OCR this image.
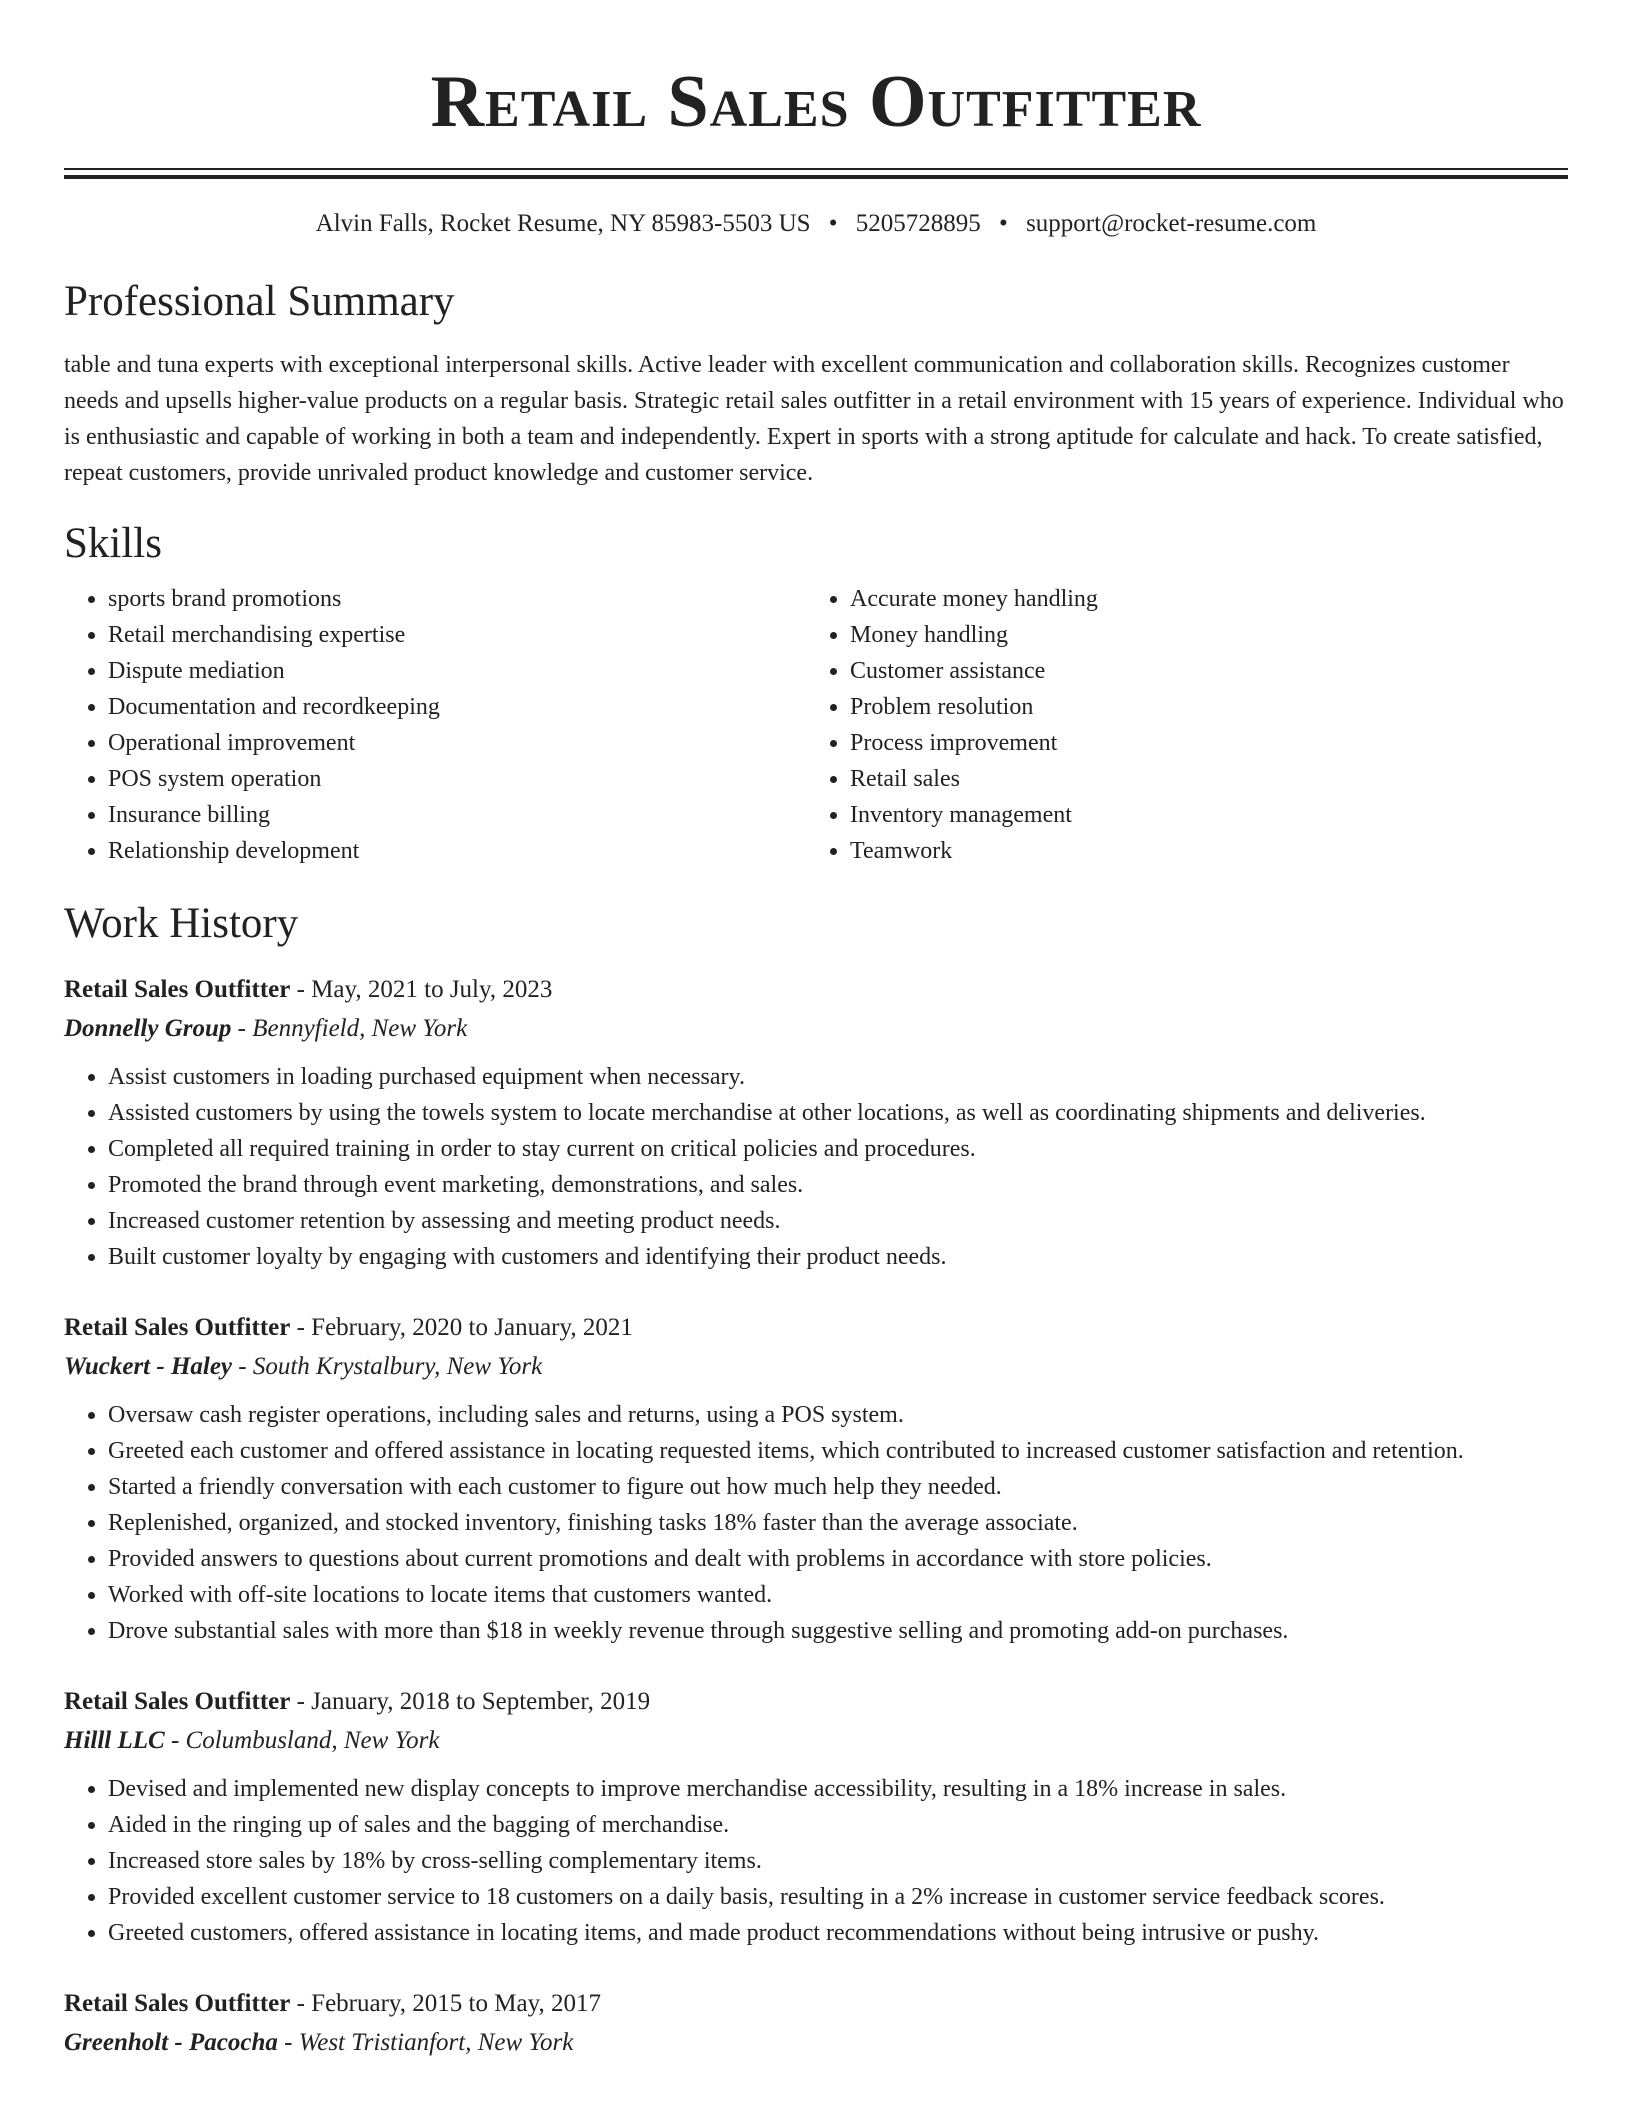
Retail Sales Outfitter
Alvin Falls, Rocket Resume, NY 85983-5503 US • 5205728895 • support@rocket-resume.com
Professional Summary

table and tuna experts with exceptional interpersonal skills. Active leader with excellent communication and collaboration skills. Recognizes customer needs and upsells higher-value products on a regular basis. Strategic retail sales outfitter in a retail environment with 15 years of experience. Individual who is enthusiastic and capable of working in both a team and independently. Expert in sports with a strong aptitude for calculate and hack. To create satisfied, repeat customers, provide unrivaled product knowledge and customer service.

Skills
• sports brand promotions
• Retail merchandising expertise
• Dispute mediation
• Documentation and recordkeeping
• Operational improvement
• POS system operation
• Insurance billing
• Relationship development
• Accurate money handling
• Money handling
• Customer assistance
• Problem resolution
• Process improvement
• Retail sales
• Inventory management
• Teamwork
Work History
Retail Sales Outfitter - May, 2021 to July, 2023
Donnelly Group - Bennyfield, New York
• Assist customers in loading purchased equipment when necessary.
• Assisted customers by using the towels system to locate merchandise at other locations, as well as coordinating shipments and deliveries.
• Completed all required training in order to stay current on critical policies and procedures.
• Promoted the brand through event marketing, demonstrations, and sales.
• Increased customer retention by assessing and meeting product needs.
• Built customer loyalty by engaging with customers and identifying their product needs.
Retail Sales Outfitter - February, 2020 to January, 2021
Wuckert - Haley - South Krystalbury, New York
• Oversaw cash register operations, including sales and returns, using a POS system.
• Greeted each customer and offered assistance in locating requested items, which contributed to increased customer satisfaction and retention.
• Started a friendly conversation with each customer to figure out how much help they needed.
• Replenished, organized, and stocked inventory, finishing tasks 18% faster than the average associate.
• Provided answers to questions about current promotions and dealt with problems in accordance with store policies.
• Worked with off-site locations to locate items that customers wanted.
• Drove substantial sales with more than $18 in weekly revenue through suggestive selling and promoting add-on purchases.
Retail Sales Outfitter - January, 2018 to September, 2019
Hilll LLC - Columbusland, New York
• Devised and implemented new display concepts to improve merchandise accessibility, resulting in a 18% increase in sales.
• Aided in the ringing up of sales and the bagging of merchandise.
• Increased store sales by 18% by cross-selling complementary items.
• Provided excellent customer service to 18 customers on a daily basis, resulting in a 2% increase in customer service feedback scores.
• Greeted customers, offered assistance in locating items, and made product recommendations without being intrusive or pushy.
Retail Sales Outfitter - February, 2015 to May, 2017
Greenholt - Pacocha - West Tristianfort, New York
